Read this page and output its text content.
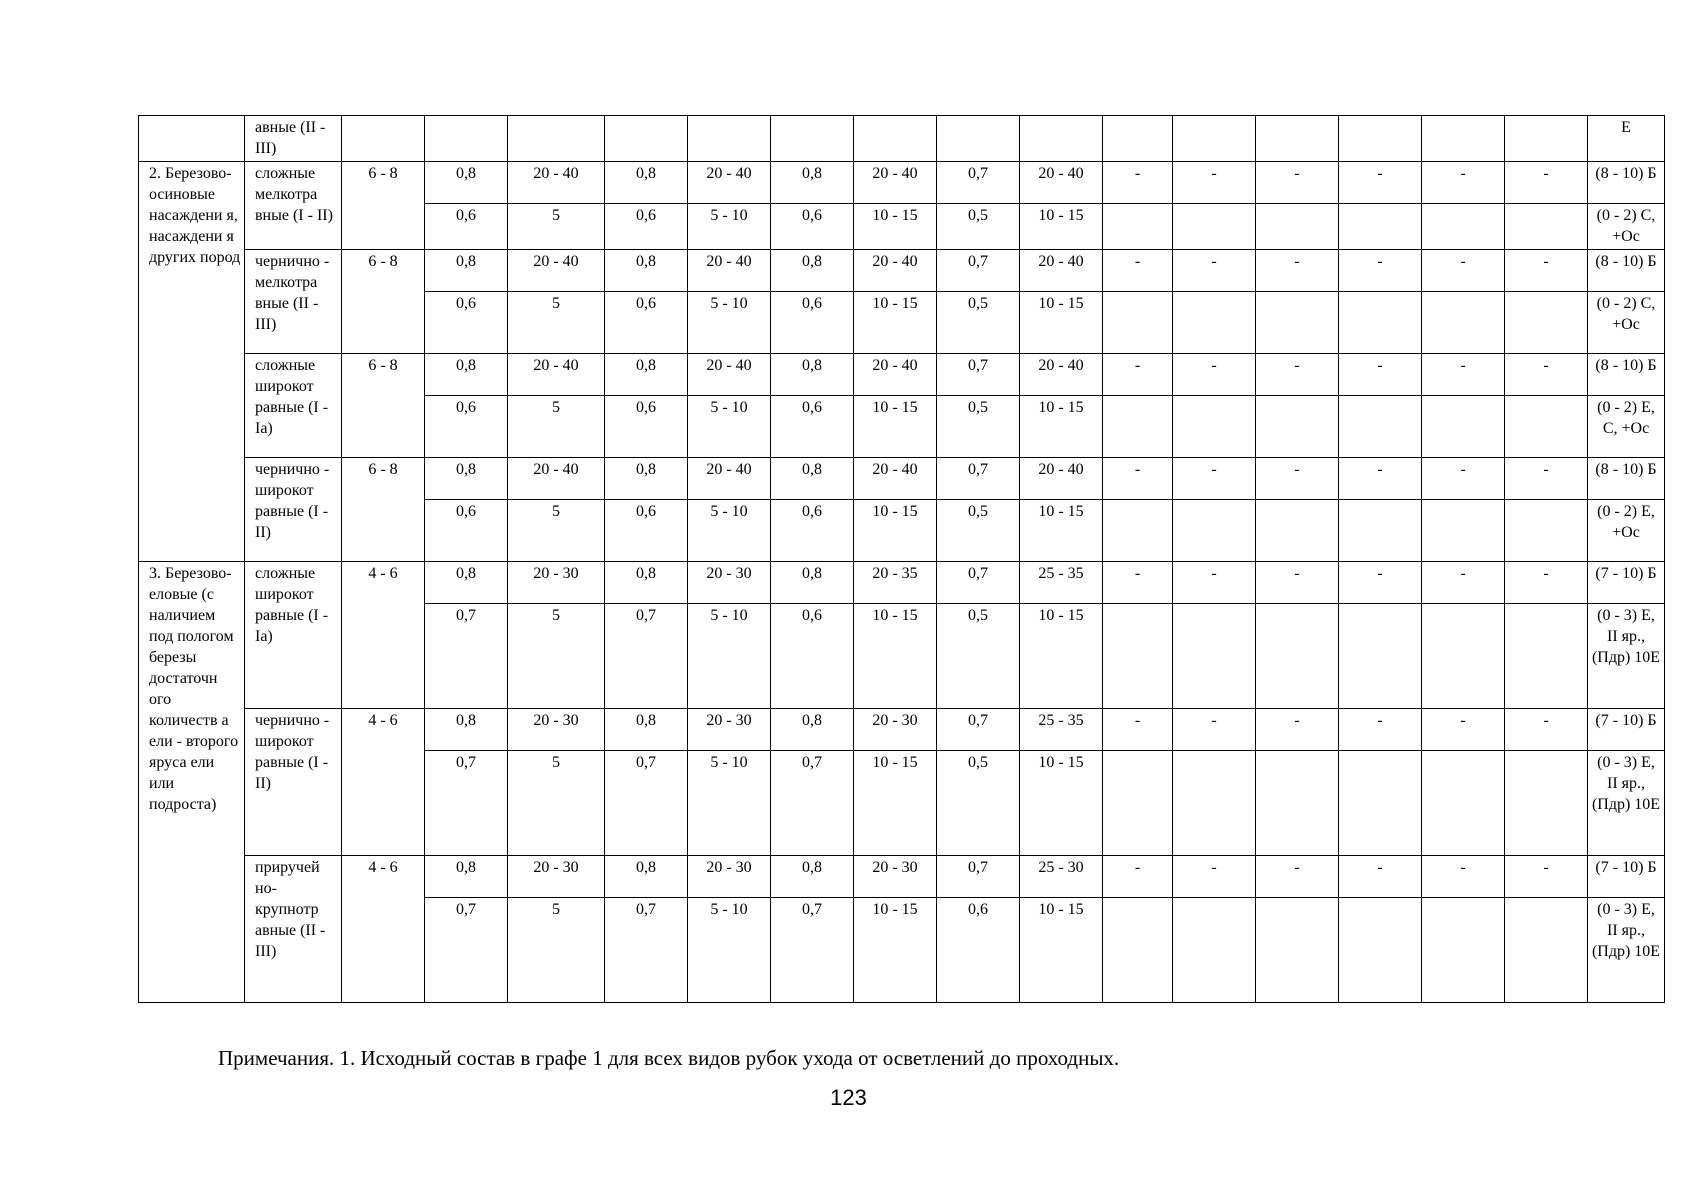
	авные (II - III)																Е
2. Березово-осиновые насаждени я, насаждени я других пород	сложные мелкотра вные (I - II)	6 - 8	0,8	20 - 40	0,8	20 - 40	0,8	20 - 40	0,7	20 - 40	-	-	-	-	-	-	(8 - 10) Б
			0,6	5	0,6	5 - 10	0,6	10 - 15	0,5	10 - 15							(0 - 2) С, +Ос
	чернично - мелкотра вные (II - III)	6 - 8	0,8	20 - 40	0,8	20 - 40	0,8	20 - 40	0,7	20 - 40	-	-	-	-	-	-	(8 - 10) Б
			0,6	5	0,6	5 - 10	0,6	10 - 15	0,5	10 - 15							(0 - 2) С, +Ос
	сложные широкот равные (I - Ia)	6 - 8	0,8	20 - 40	0,8	20 - 40	0,8	20 - 40	0,7	20 - 40	-	-	-	-	-	-	(8 - 10) Б
			0,6	5	0,6	5 - 10	0,6	10 - 15	0,5	10 - 15							(0 - 2) Е, С, +Ос
	чернично - широкот равные (I - II)	6 - 8	0,8	20 - 40	0,8	20 - 40	0,8	20 - 40	0,7	20 - 40	-	-	-	-	-	-	(8 - 10) Б
			0,6	5	0,6	5 - 10	0,6	10 - 15	0,5	10 - 15							(0 - 2) Е, +Ос
3. Березово-еловые (с наличием под пологом березы достаточн ого количеств а ели - второго яруса ели или подроста)	сложные широкот равные (I - Ia)	4 - 6	0,8	20 - 30	0,8	20 - 30	0,8	20 - 35	0,7	25 - 35	-	-	-	-	-	-	(7 - 10) Б
			0,7	5	0,7	5 - 10	0,6	10 - 15	0,5	10 - 15							(0 - 3) Е, II яр., (Пдр) 10Е
	чернично - широкот равные (I - II)	4 - 6	0,8	20 - 30	0,8	20 - 30	0,8	20 - 30	0,7	25 - 35	-	-	-	-	-	-	(7 - 10) Б
			0,7	5	0,7	5 - 10	0,7	10 - 15	0,5	10 - 15							(0 - 3) Е, II яр., (Пдр) 10Е
	приручей но-крупнотр авные (II - III)	4 - 6	0,8	20 - 30	0,8	20 - 30	0,8	20 - 30	0,7	25 - 30	-	-	-	-	-	-	(7 - 10) Б
			0,7	5	0,7	5 - 10	0,7	10 - 15	0,6	10 - 15							(0 - 3) Е, II яр., (Пдр) 10Е
Примечания. 1. Исходный состав в графе 1 для всех видов рубок ухода от осветлений до проходных.
123
